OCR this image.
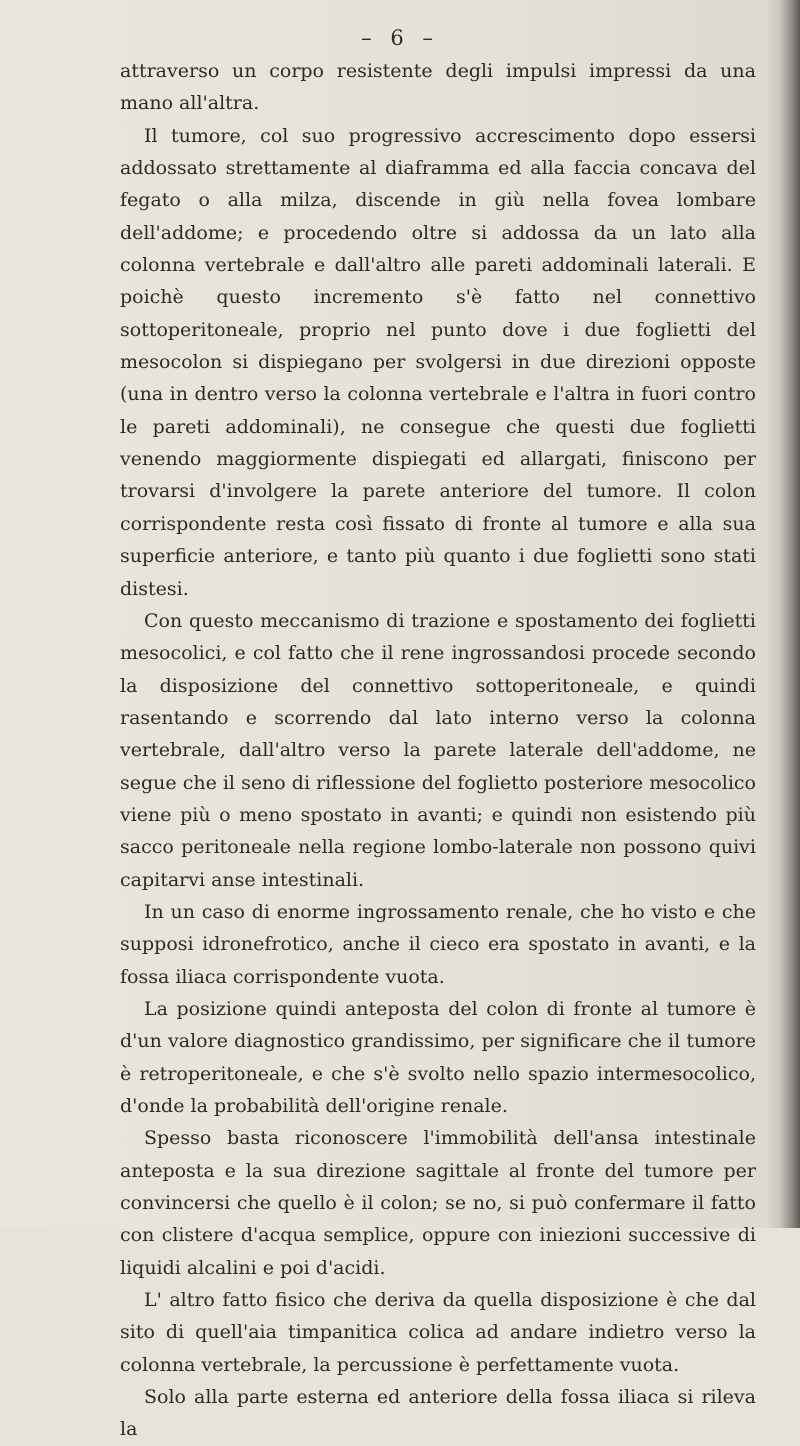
– 6 –

attraverso un corpo resistente degli impulsi impressi da una mano all'altra.

Il tumore, col suo progressivo accrescimento dopo essersi addossato strettamente al diaframma ed alla faccia concava del fegato o alla milza, discende in giù nella fovea lombare dell'addome; e procedendo oltre si addossa da un lato alla colonna vertebrale e dall'altro alle pareti addominali laterali. E poichè questo incremento s'è fatto nel connettivo sottoperitoneale, proprio nel punto dove i due foglietti del mesocolon si dispiegano per svolgersi in due direzioni opposte (una in dentro verso la colonna vertebrale e l'altra in fuori contro le pareti addominali), ne consegue che questi due foglietti venendo maggiormente dispiegati ed allargati, finiscono per trovarsi d'involgere la parete anteriore del tumore. Il colon corrispondente resta così fissato di fronte al tumore e alla sua superficie anteriore, e tanto più quanto i due foglietti sono stati distesi.

Con questo meccanismo di trazione e spostamento dei foglietti mesocolici, e col fatto che il rene ingrossandosi procede secondo la disposizione del connettivo sottoperitoneale, e quindi rasentando e scorrendo dal lato interno verso la colonna vertebrale, dall'altro verso la parete laterale dell'addome, ne segue che il seno di riflessione del foglietto posteriore mesocolico viene più o meno spostato in avanti; e quindi non esistendo più sacco peritoneale nella regione lombo-laterale non possono quivi capitarvi anse intestinali.

In un caso di enorme ingrossamento renale, che ho visto e che supposi idronefrotico, anche il cieco era spostato in avanti, e la fossa iliaca corrispondente vuota.

La posizione quindi anteposta del colon di fronte al tumore è d'un valore diagnostico grandissimo, per significare che il tumore è retroperitoneale, e che s'è svolto nello spazio intermesocolico, d'onde la probabilità dell'origine renale.

Spesso basta riconoscere l'immobilità dell'ansa intestinale anteposta e la sua direzione sagittale al fronte del tumore per convincersi che quello è il colon; se no, si può confermare il fatto con clistere d'acqua semplice, oppure con iniezioni successive di liquidi alcalini e poi d'acidi.

L' altro fatto fisico che deriva da quella disposizione è che dal sito di quell'aia timpanitica colica ad andare indietro verso la colonna vertebrale, la percussione è perfettamente vuota.

Solo alla parte esterna ed anteriore della fossa iliaca si rileva la
